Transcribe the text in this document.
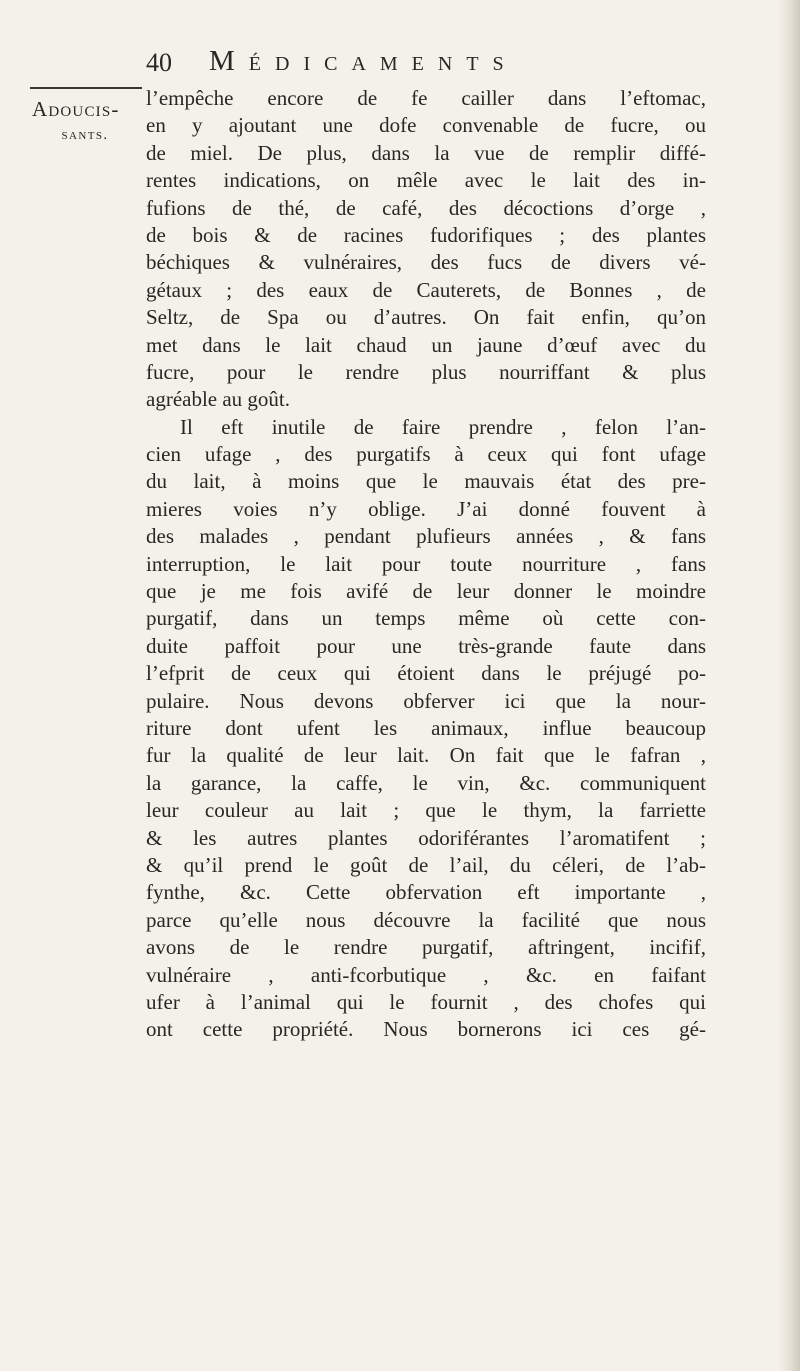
40 Médicaments
Adoucis-
sants.
l’empêche encore de fe cailler dans l’eftomac,
en y ajoutant une dofe convenable de fucre, ou
de miel. De plus, dans la vue de remplir diffé-
rentes indications, on mêle avec le lait des in-
fufions de thé, de café, des décoctions d’orge ,
de bois & de racines fudorifiques ; des plantes
béchiques & vulnéraires, des fucs de divers vé-
gétaux ; des eaux de Cauterets, de Bonnes , de
Seltz, de Spa ou d’autres. On fait enfin, qu’on
met dans le lait chaud un jaune d’œuf avec du
fucre, pour le rendre plus nourriffant & plus
agréable au goût.
Il eft inutile de faire prendre , felon l’an-
cien ufage , des purgatifs à ceux qui font ufage
du lait, à moins que le mauvais état des pre-
mieres voies n’y oblige. J’ai donné fouvent à
des malades , pendant plufieurs années , & fans
interruption, le lait pour toute nourriture , fans
que je me fois avifé de leur donner le moindre
purgatif, dans un temps même où cette con-
duite paffoit pour une très-grande faute dans
l’efprit de ceux qui étoient dans le préjugé po-
pulaire. Nous devons obferver ici que la nour-
riture dont ufent les animaux, influe beaucoup
fur la qualité de leur lait. On fait que le fafran ,
la garance, la caffe, le vin, &c. communiquent
leur couleur au lait ; que le thym, la farriette
& les autres plantes odoriférantes l’aromatifent ;
& qu’il prend le goût de l’ail, du céleri, de l’ab-
fynthe, &c. Cette obfervation eft importante ,
parce qu’elle nous découvre la facilité que nous
avons de le rendre purgatif, aftringent, incifif,
vulnéraire , anti-fcorbutique , &c. en faifant
ufer à l’animal qui le fournit , des chofes qui
ont cette propriété. Nous bornerons ici ces gé-
